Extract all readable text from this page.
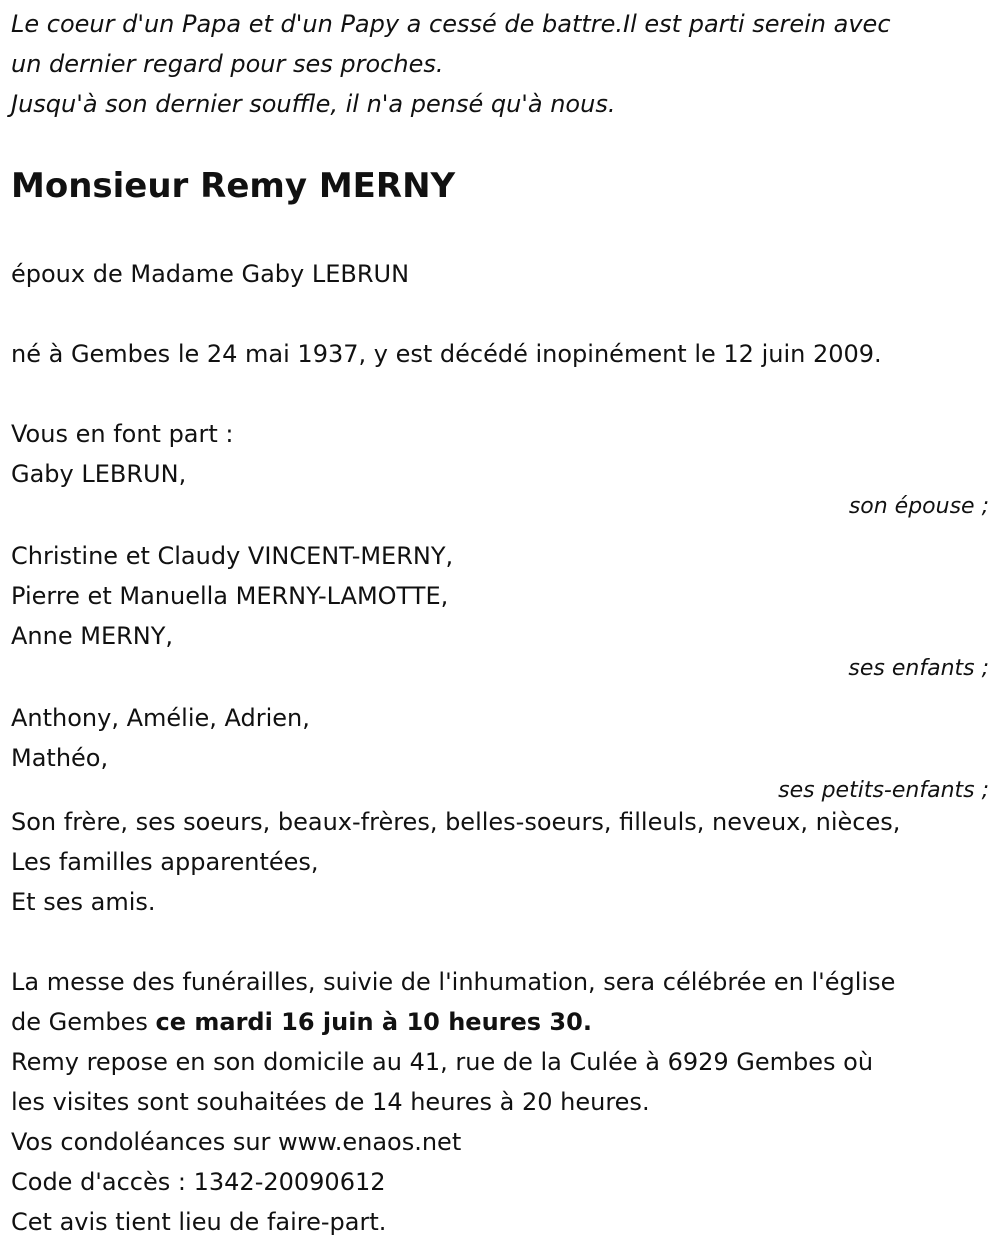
Le coeur d'un Papa et d'un Papy a cessé de battre.Il est parti serein avec
un dernier regard pour ses proches.
Jusqu'à son dernier souffle, il n'a pensé qu'à nous.
Monsieur Remy MERNY
époux de Madame Gaby LEBRUN
né à Gembes le 24 mai 1937, y est décédé inopinément le 12 juin 2009.
Vous en font part :
Gaby LEBRUN,
son épouse ;
Christine et Claudy VINCENT-MERNY,
Pierre et Manuella MERNY-LAMOTTE,
Anne MERNY,
ses enfants ;
Anthony, Amélie, Adrien,
Mathéo,
ses petits-enfants ;
Son frère, ses soeurs, beaux-frères, belles-soeurs, filleuls, neveux, nièces,
Les familles apparentées,
Et ses amis.
La messe des funérailles, suivie de l'inhumation, sera célébrée en l'église
de Gembes ce mardi 16 juin à 10 heures 30.
Remy repose en son domicile au 41, rue de la Culée à 6929 Gembes où
les visites sont souhaitées de 14 heures à 20 heures.
Vos condoléances sur www.enaos.net
Code d'accès : 1342-20090612
Cet avis tient lieu de faire-part.
